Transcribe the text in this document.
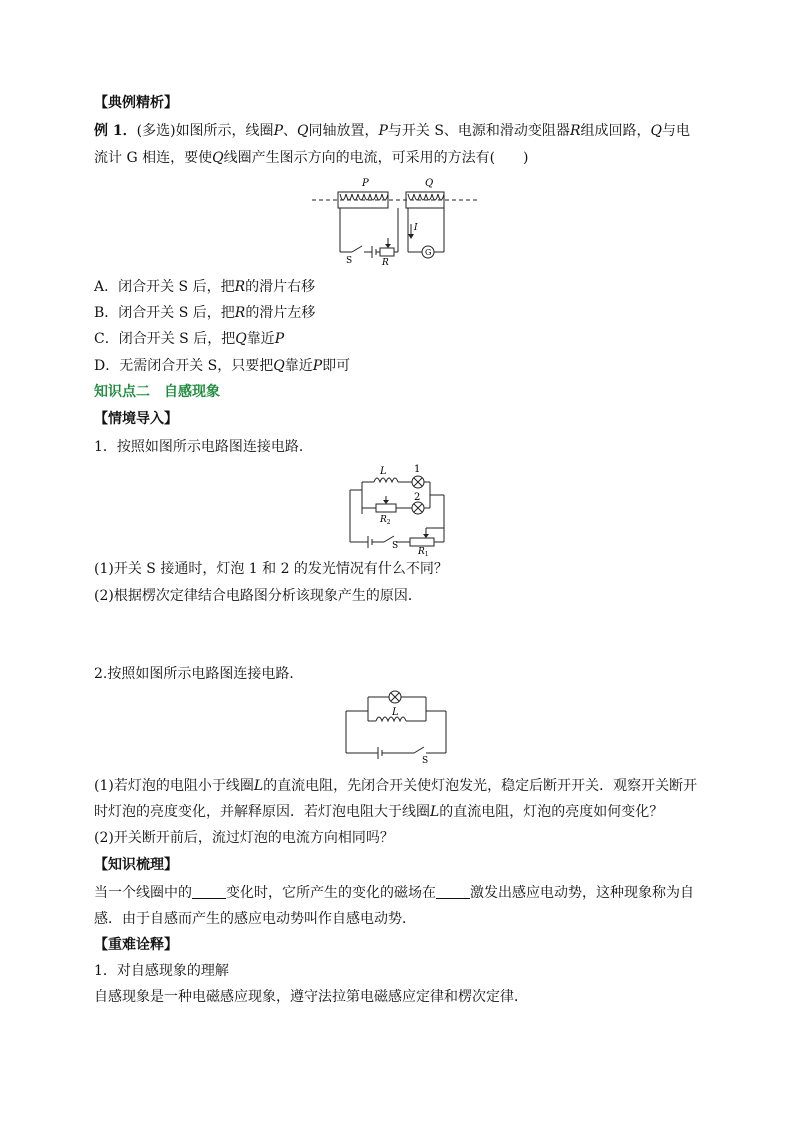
【典例精析】
例 1．(多选)如图所示，线圈P、Q同轴放置，P与开关 S、电源和滑动变阻器R组成回路，Q与电
流计 G 相连，要使Q线圈产生图示方向的电流，可采用的方法有(　　)
P	Q
I
S	R
G
A．闭合开关 S 后，把R的滑片右移
B．闭合开关 S 后，把R的滑片左移
C．闭合开关 S 后，把Q靠近P
D．无需闭合开关 S，只要把Q靠近P即可
知识点二　自感现象
【情境导入】
1．按照如图所示电路图连接电路．
L	1
2
$R_2$
S
$R_1$
(1)开关 S 接通时，灯泡 1 和 2 的发光情况有什么不同？
(2)根据楞次定律结合电路图分析该现象产生的原因．
2.按照如图所示电路图连接电路．
L
S
(1)若灯泡的电阻小于线圈L的直流电阻，先闭合开关使灯泡发光，稳定后断开开关．观察开关断开
时灯泡的亮度变化，并解释原因．若灯泡电阻大于线圈L的直流电阻，灯泡的亮度如何变化？
(2)开关断开前后，流过灯泡的电流方向相同吗？
【知识梳理】
当一个线圈中的 变化时，它所产生的变化的磁场在 激发出感应电动势，这种现象称为自
感．由于自感而产生的感应电动势叫作自感电动势．
【重难诠释】
1．对自感现象的理解
自感现象是一种电磁感应现象，遵守法拉第电磁感应定律和楞次定律．
